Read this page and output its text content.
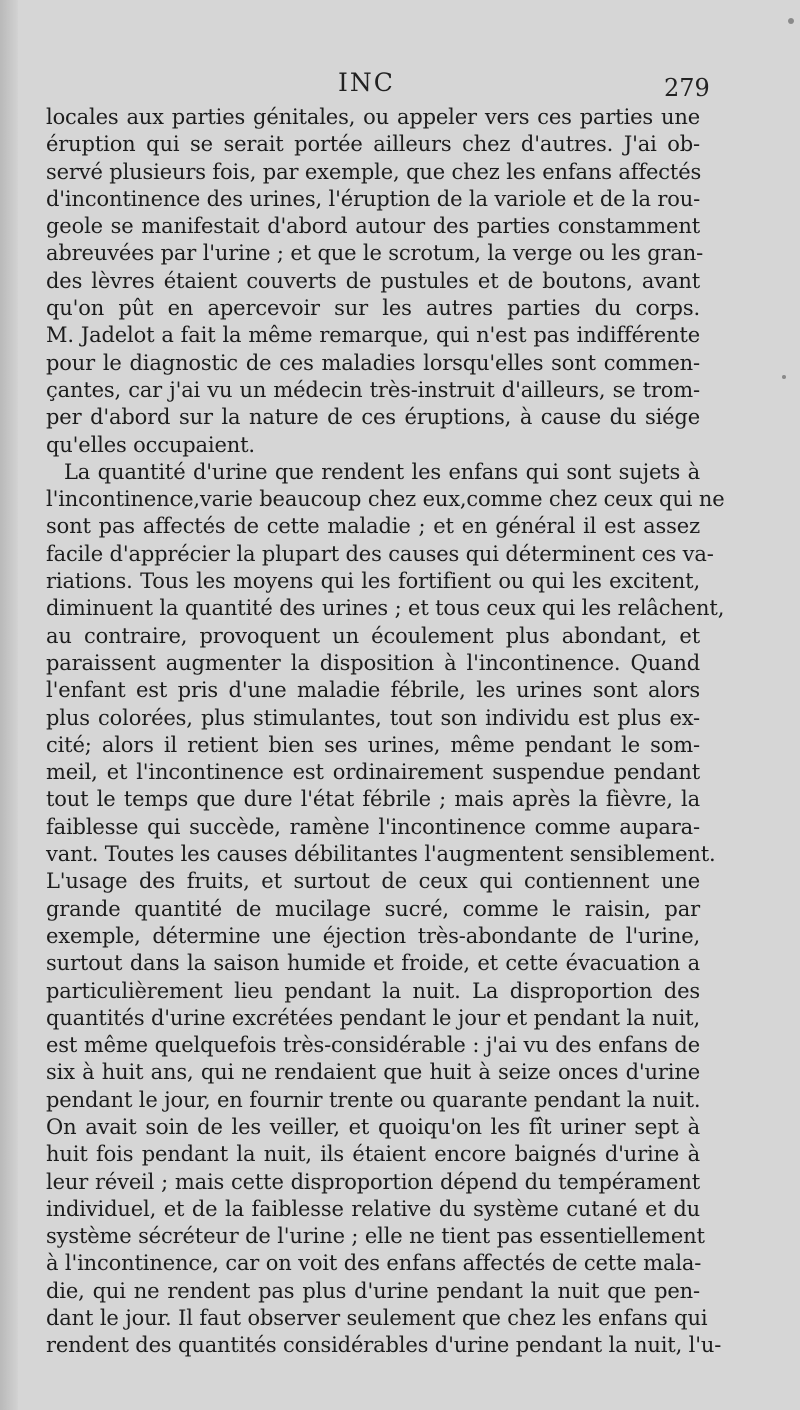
INC	279
locales aux parties génitales, ou appeler vers ces parties une
éruption qui se serait portée ailleurs chez d'autres. J'ai ob-
servé plusieurs fois, par exemple, que chez les enfans affectés
d'incontinence des urines, l'éruption de la variole et de la rou-
geole se manifestait d'abord autour des parties constamment
abreuvées par l'urine ; et que le scrotum, la verge ou les gran-
des lèvres étaient couverts de pustules et de boutons, avant
qu'on pût en apercevoir sur les autres parties du corps.
M. Jadelot a fait la même remarque, qui n'est pas indifférente
pour le diagnostic de ces maladies lorsqu'elles sont commen-
çantes, car j'ai vu un médecin très-instruit d'ailleurs, se trom-
per d'abord sur la nature de ces éruptions, à cause du siége
qu'elles occupaient.
La quantité d'urine que rendent les enfans qui sont sujets à
l'incontinence,varie beaucoup chez eux,comme chez ceux qui ne
sont pas affectés de cette maladie ; et en général il est assez
facile d'apprécier la plupart des causes qui déterminent ces va-
riations. Tous les moyens qui les fortifient ou qui les excitent,
diminuent la quantité des urines ; et tous ceux qui les relâchent,
au contraire, provoquent un écoulement plus abondant, et
paraissent augmenter la disposition à l'incontinence. Quand
l'enfant est pris d'une maladie fébrile, les urines sont alors
plus colorées, plus stimulantes, tout son individu est plus ex-
cité; alors il retient bien ses urines, même pendant le som-
meil, et l'incontinence est ordinairement suspendue pendant
tout le temps que dure l'état fébrile ; mais après la fièvre, la
faiblesse qui succède, ramène l'incontinence comme aupara-
vant. Toutes les causes débilitantes l'augmentent sensiblement.
L'usage des fruits, et surtout de ceux qui contiennent une
grande quantité de mucilage sucré, comme le raisin, par
exemple, détermine une éjection très-abondante de l'urine,
surtout dans la saison humide et froide, et cette évacuation a
particulièrement lieu pendant la nuit. La disproportion des
quantités d'urine excrétées pendant le jour et pendant la nuit,
est même quelquefois très-considérable : j'ai vu des enfans de
six à huit ans, qui ne rendaient que huit à seize onces d'urine
pendant le jour, en fournir trente ou quarante pendant la nuit.
On avait soin de les veiller, et quoiqu'on les fît uriner sept à
huit fois pendant la nuit, ils étaient encore baignés d'urine à
leur réveil ; mais cette disproportion dépend du tempérament
individuel, et de la faiblesse relative du système cutané et du
système sécréteur de l'urine ; elle ne tient pas essentiellement
à l'incontinence, car on voit des enfans affectés de cette mala-
die, qui ne rendent pas plus d'urine pendant la nuit que pen-
dant le jour. Il faut observer seulement que chez les enfans qui
rendent des quantités considérables d'urine pendant la nuit, l'u-
